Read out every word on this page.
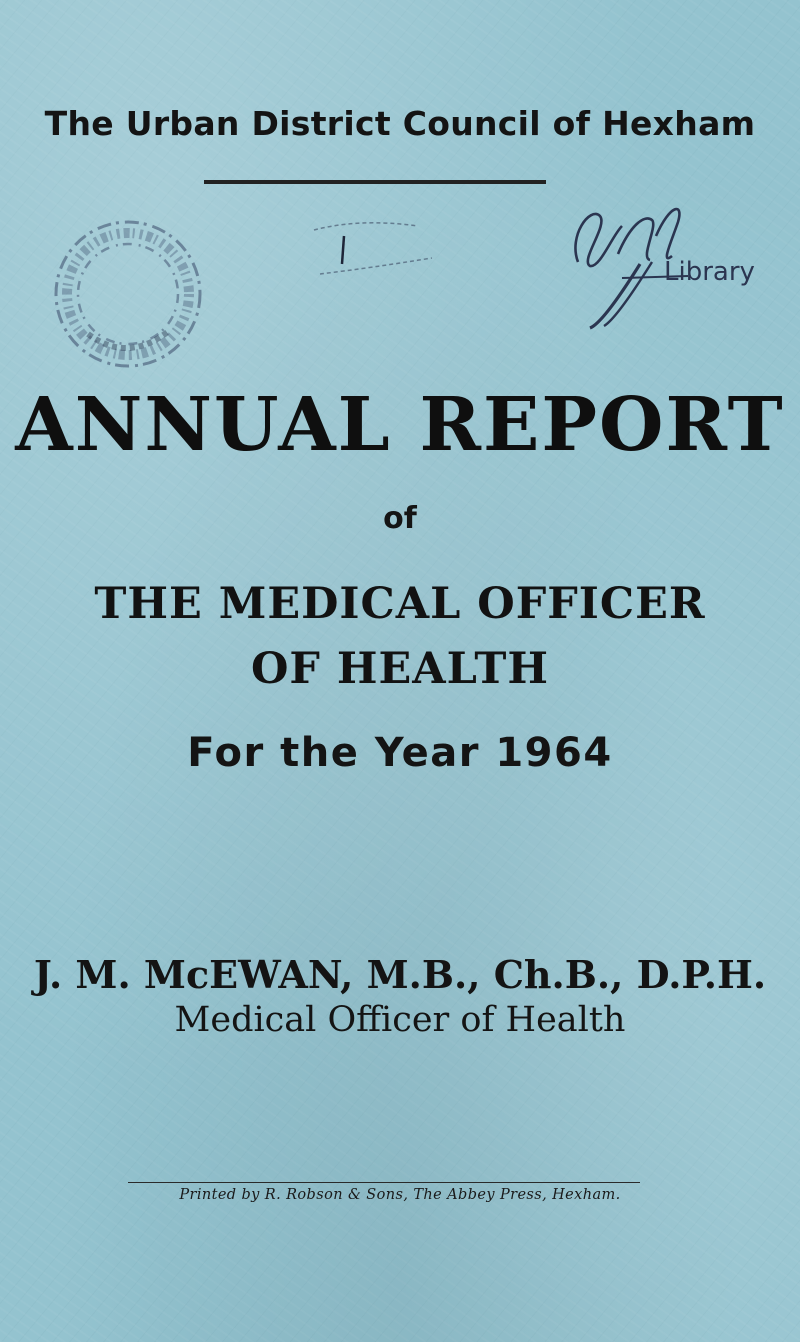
The Urban District Council of Hexham
Library
ANNUAL REPORT
of
THE MEDICAL OFFICER
OF HEALTH
For the Year 1964
J. M. McEWAN, M.B., Ch.B., D.P.H.
Medical Officer of Health
Printed by R. Robson & Sons, The Abbey Press, Hexham.
